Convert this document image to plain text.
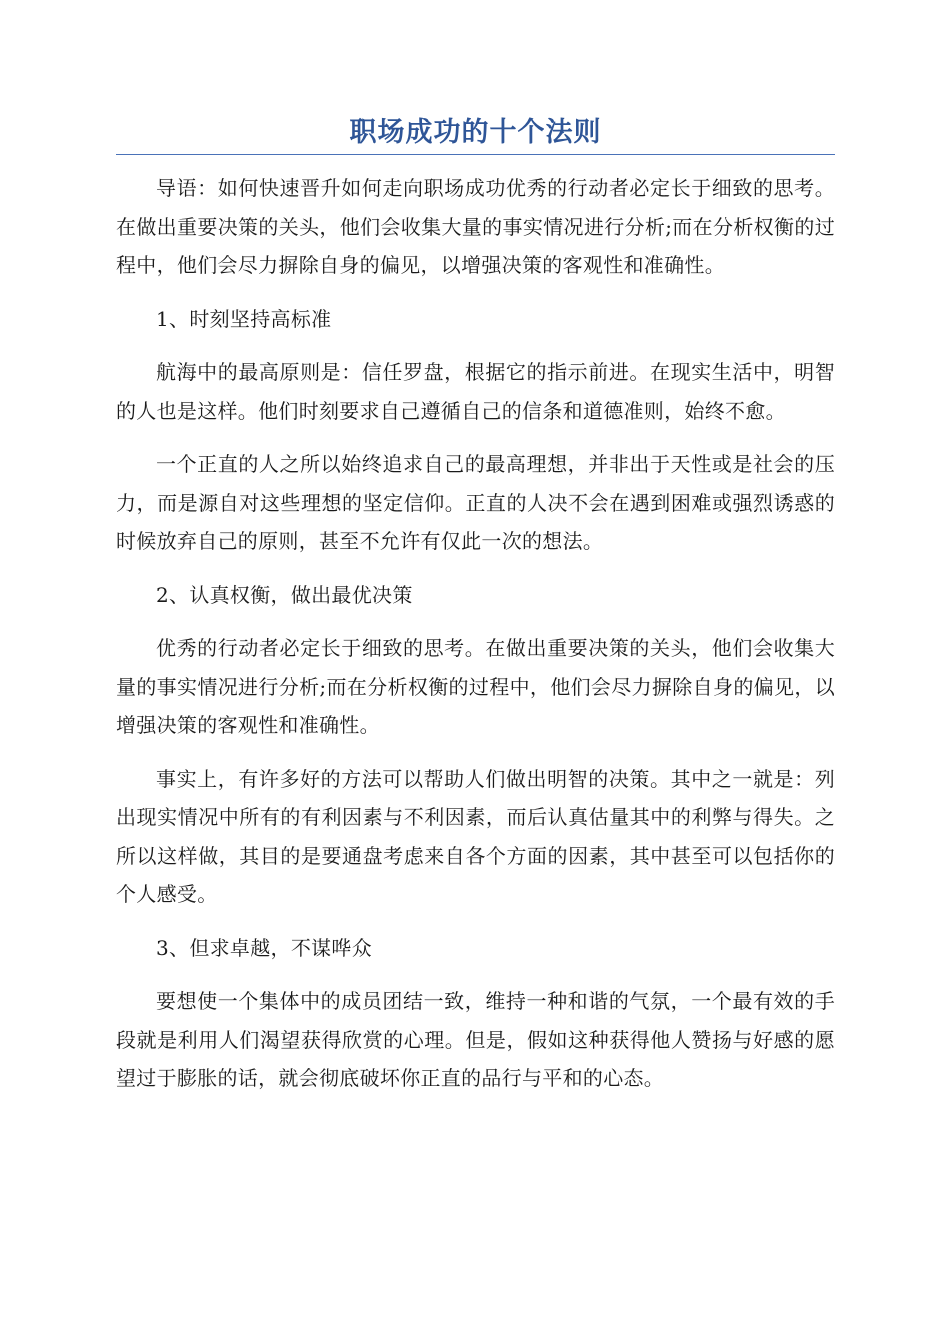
职场成功的十个法则

导语：如何快速晋升如何走向职场成功优秀的行动者必定长于细致的思考。在做出重要决策的关头，他们会收集大量的事实情况进行分析;而在分析权衡的过程中，他们会尽力摒除自身的偏见，以增强决策的客观性和准确性。

1、时刻坚持高标准

航海中的最高原则是：信任罗盘，根据它的指示前进。在现实生活中，明智的人也是这样。他们时刻要求自己遵循自己的信条和道德准则，始终不愈。

一个正直的人之所以始终追求自己的最高理想，并非出于天性或是社会的压力，而是源自对这些理想的坚定信仰。正直的人决不会在遇到困难或强烈诱惑的时候放弃自己的原则，甚至不允许有仅此一次的想法。

2、认真权衡，做出最优决策

优秀的行动者必定长于细致的思考。在做出重要决策的关头，他们会收集大量的事实情况进行分析;而在分析权衡的过程中，他们会尽力摒除自身的偏见，以增强决策的客观性和准确性。

事实上，有许多好的方法可以帮助人们做出明智的决策。其中之一就是：列出现实情况中所有的有利因素与不利因素，而后认真估量其中的利弊与得失。之所以这样做，其目的是要通盘考虑来自各个方面的因素，其中甚至可以包括你的个人感受。

3、但求卓越，不谋哗众

要想使一个集体中的成员团结一致，维持一种和谐的气氛，一个最有效的手段就是利用人们渴望获得欣赏的心理。但是，假如这种获得他人赞扬与好感的愿望过于膨胀的话，就会彻底破坏你正直的品行与平和的心态。
